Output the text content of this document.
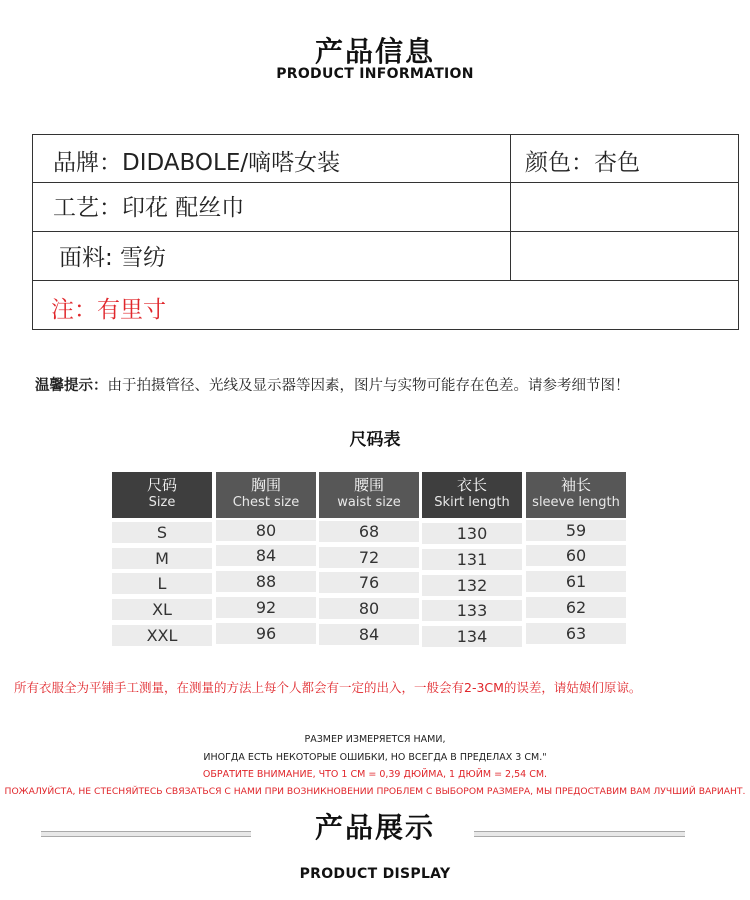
产品信息
PRODUCT INFORMATION
品牌：DIDABOLE/嘀嗒女装	颜色：杏色
工艺：印花 配丝巾
面料: 雪纺
注：有里寸
温馨提示：由于拍摄管径、光线及显示器等因素，图片与实物可能存在色差。请参考细节图！
尺码表
尺码
Size
S
M
L
XL
XXL
胸围
Chest size
80
84
88
92
96
腰围
waist size
68
72
76
80
84
衣长
Skirt length
130
131
132
133
134
袖长
sleeve length
59
60
61
62
63
所有衣服全为平铺手工测量，在测量的方法上每个人都会有一定的出入，一般会有2-3CM的误差，请姑娘们原谅。
РАЗМЕР ИЗМЕРЯЕТСЯ НАМИ,
ИНОГДА ЕСТЬ НЕКОТОРЫЕ ОШИБКИ, НО ВСЕГДА В ПРЕДЕЛАХ 3 СМ."
ОБРАТИТЕ ВНИМАНИЕ, ЧТО 1 СМ = 0,39 ДЮЙМА, 1 ДЮЙМ = 2,54 СМ.
ПОЖАЛУЙСТА, НЕ СТЕСНЯЙТЕСЬ СВЯЗАТЬСЯ С НАМИ ПРИ ВОЗНИКНОВЕНИИ ПРОБЛЕМ С ВЫБОРОМ РАЗМЕРА, МЫ ПРЕДОСТАВИМ ВАМ ЛУЧШИЙ ВАРИАНТ.
产品展示
PRODUCT DISPLAY
